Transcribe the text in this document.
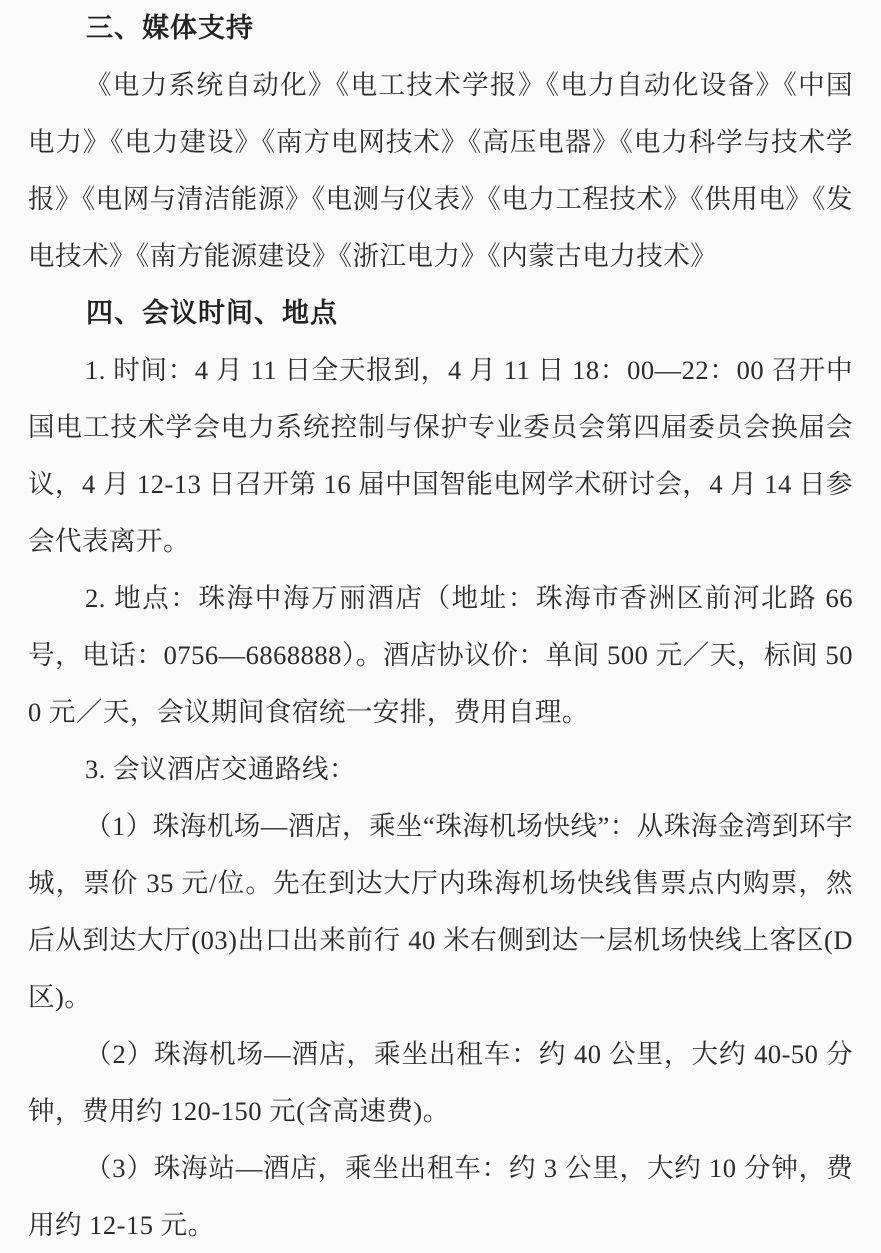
三、媒体支持

《电力系统自动化》《电工技术学报》《电力自动化设备》《中国电力》《电力建设》《南方电网技术》《高压电器》《电力科学与技术学报》《电网与清洁能源》《电测与仪表》《电力工程技术》《供用电》《发电技术》《南方能源建设》《浙江电力》《内蒙古电力技术》

四、会议时间、地点

1. 时间：4 月 11 日全天报到，4 月 11 日 18：00—22：00 召开中国电工技术学会电力系统控制与保护专业委员会第四届委员会换届会议，4 月 12-13 日召开第 16 届中国智能电网学术研讨会，4 月 14 日参会代表离开。

2. 地点：珠海中海万丽酒店（地址：珠海市香洲区前河北路 66 号，电话：0756—6868888）。酒店协议价：单间 500 元／天，标间 500 元／天，会议期间食宿统一安排，费用自理。

3. 会议酒店交通路线：

（1）珠海机场—酒店，乘坐“珠海机场快线”：从珠海金湾到环宇城，票价 35 元/位。先在到达大厅内珠海机场快线售票点内购票，然后从到达大厅(03)出口出来前行 40 米右侧到达一层机场快线上客区(D 区)。

（2）珠海机场—酒店，乘坐出租车：约 40 公里，大约 40-50 分钟，费用约 120-150 元(含高速费)。

（3）珠海站—酒店，乘坐出租车：约 3 公里，大约 10 分钟，费用约 12-15 元。
